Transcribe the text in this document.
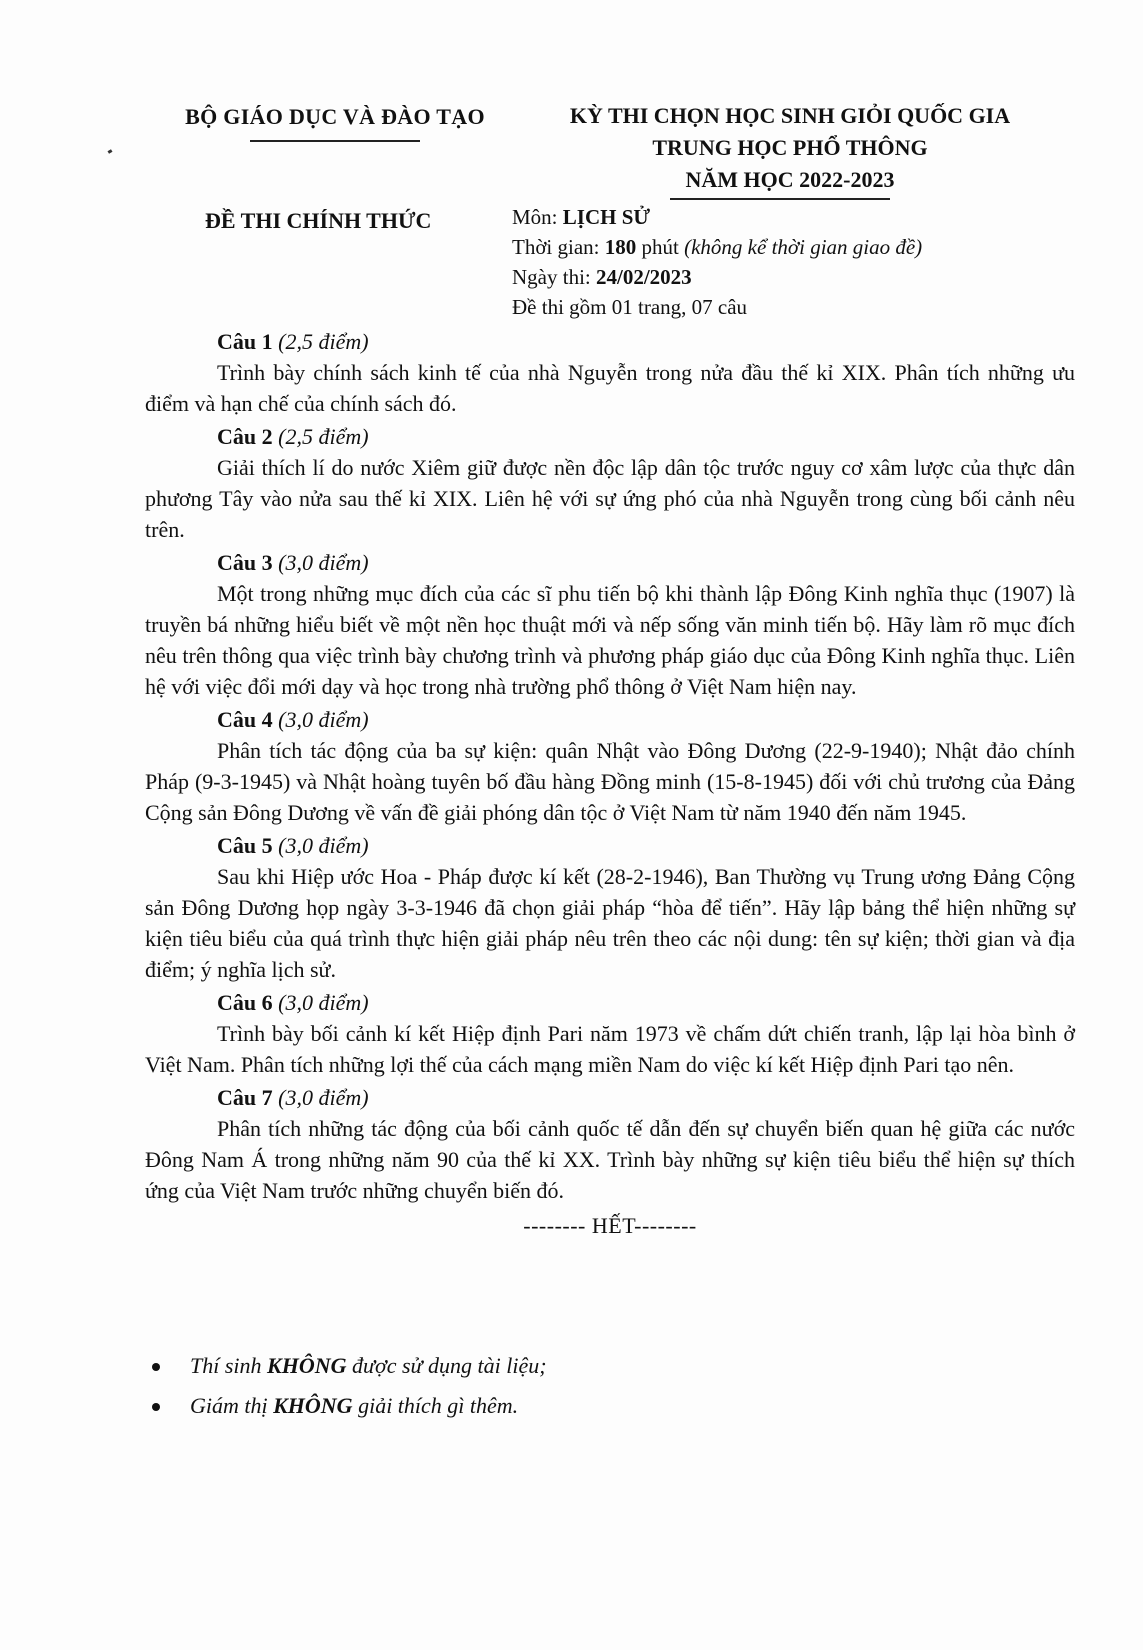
BỘ GIÁO DỤC VÀ ĐÀO TẠO	KỲ THI CHỌN HỌC SINH GIỎI QUỐC GIA
TRUNG HỌC PHỔ THÔNG
NĂM HỌC 2022-2023
ĐỀ THI CHÍNH THỨC	Môn: LỊCH SỬ
Thời gian: 180 phút (không kể thời gian giao đề)
Ngày thi: 24/02/2023
Đề thi gồm 01 trang, 07 câu
Câu 1 (2,5 điểm)
Trình bày chính sách kinh tế của nhà Nguyễn trong nửa đầu thế kỉ XIX. Phân tích những ưu điểm và hạn chế của chính sách đó.
Câu 2 (2,5 điểm)
Giải thích lí do nước Xiêm giữ được nền độc lập dân tộc trước nguy cơ xâm lược của thực dân phương Tây vào nửa sau thế kỉ XIX. Liên hệ với sự ứng phó của nhà Nguyễn trong cùng bối cảnh nêu trên.
Câu 3 (3,0 điểm)
Một trong những mục đích của các sĩ phu tiến bộ khi thành lập Đông Kinh nghĩa thục (1907) là truyền bá những hiểu biết về một nền học thuật mới và nếp sống văn minh tiến bộ. Hãy làm rõ mục đích nêu trên thông qua việc trình bày chương trình và phương pháp giáo dục của Đông Kinh nghĩa thục. Liên hệ với việc đổi mới dạy và học trong nhà trường phổ thông ở Việt Nam hiện nay.
Câu 4 (3,0 điểm)
Phân tích tác động của ba sự kiện: quân Nhật vào Đông Dương (22-9-1940); Nhật đảo chính Pháp (9-3-1945) và Nhật hoàng tuyên bố đầu hàng Đồng minh (15-8-1945) đối với chủ trương của Đảng Cộng sản Đông Dương về vấn đề giải phóng dân tộc ở Việt Nam từ năm 1940 đến năm 1945.
Câu 5 (3,0 điểm)
Sau khi Hiệp ước Hoa - Pháp được kí kết (28-2-1946), Ban Thường vụ Trung ương Đảng Cộng sản Đông Dương họp ngày 3-3-1946 đã chọn giải pháp “hòa để tiến”. Hãy lập bảng thể hiện những sự kiện tiêu biểu của quá trình thực hiện giải pháp nêu trên theo các nội dung: tên sự kiện; thời gian và địa điểm; ý nghĩa lịch sử.
Câu 6 (3,0 điểm)
Trình bày bối cảnh kí kết Hiệp định Pari năm 1973 về chấm dứt chiến tranh, lập lại hòa bình ở Việt Nam. Phân tích những lợi thế của cách mạng miền Nam do việc kí kết Hiệp định Pari tạo nên.
Câu 7 (3,0 điểm)
Phân tích những tác động của bối cảnh quốc tế dẫn đến sự chuyển biến quan hệ giữa các nước Đông Nam Á trong những năm 90 của thế kỉ XX. Trình bày những sự kiện tiêu biểu thể hiện sự thích ứng của Việt Nam trước những chuyển biến đó.
-------- HẾT--------
Thí sinh KHÔNG được sử dụng tài liệu;
Giám thị KHÔNG giải thích gì thêm.
